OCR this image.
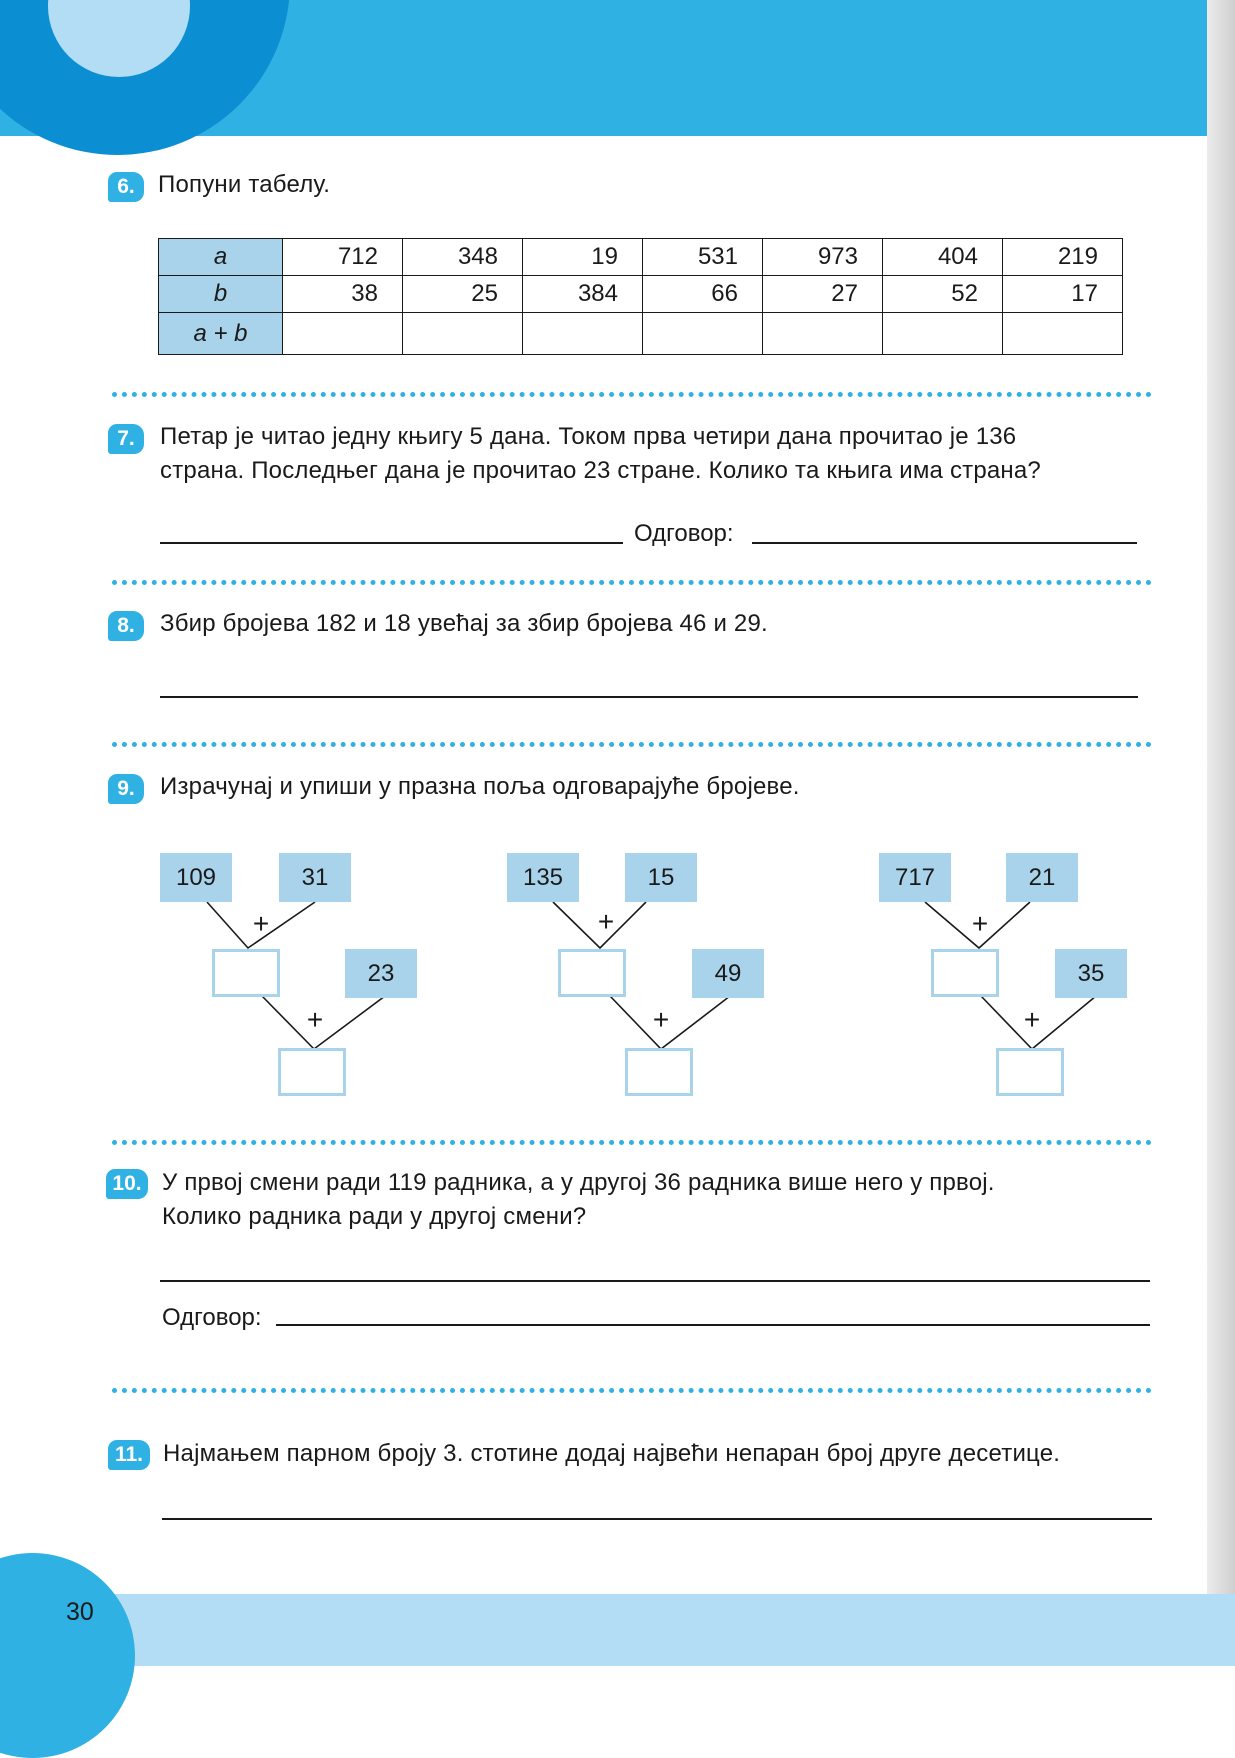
30
6. Попуни табелу.
a	712	348	19	531	973	404	219
b	38	25	384	66	27	52	17
a + b							
7.	Петар је читао једну књигу 5 дана. Током прва четири дана прочитао је 136
страна. Последњег дана је прочитао 23 стране. Колико та књига има страна?
Одговор:
8.	Збир бројева 182 и 18 увећај за збир бројева 46 и 29.
9.	Израчунај и упиши у празна поља одговарајуће бројеве.
109	31
+
23
+
135	15
+
49
+
717	21
+
35
+
10. У првој смени ради 119 радника, а у другој 36 радника више него у првој.
Колико радника ради у другој смени?
Одговор:
11. Најмањем парном броју 3. стотине додај највећи непаран број друге десетице.
